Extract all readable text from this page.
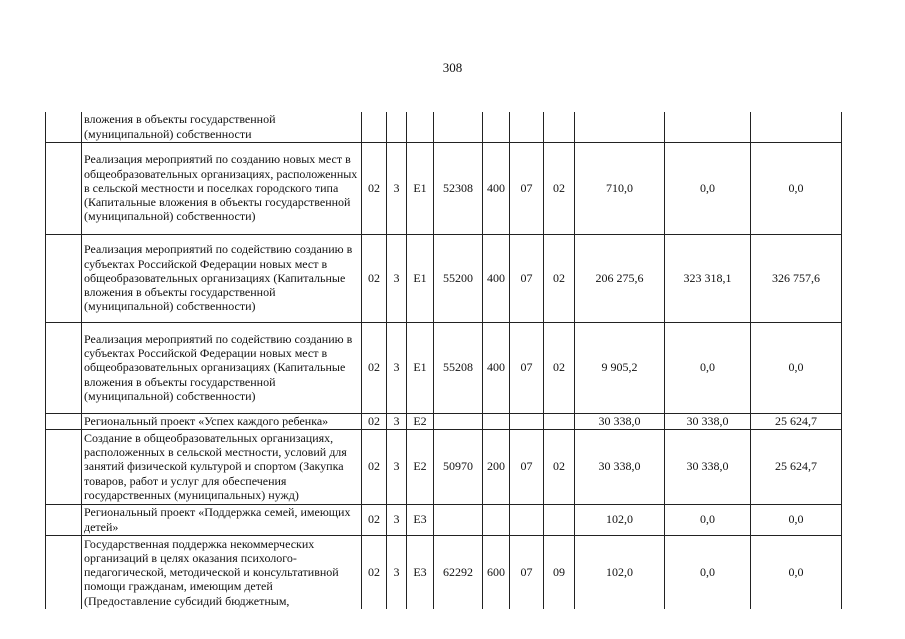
308
	вложения в объекты государственной (муниципальной) собственности										
	Реализация мероприятий по созданию новых мест в общеобразовательных организациях, расположенных в сельской местности и поселках городского типа (Капитальные вложения в объекты государственной (муниципальной) собственности)	02	3	E1	52308	400	07	02	710,0	0,0	0,0
	Реализация мероприятий по содействию созданию в субъектах Российской Федерации новых мест в общеобразовательных организациях (Капитальные вложения в объекты государственной (муниципальной) собственности)	02	3	E1	55200	400	07	02	206 275,6	323 318,1	326 757,6
	Реализация мероприятий по содействию созданию в субъектах Российской Федерации новых мест в общеобразовательных организациях (Капитальные вложения в объекты государственной (муниципальной) собственности)	02	3	E1	55208	400	07	02	9 905,2	0,0	0,0
	Региональный проект «Успех каждого ребенка»	02	3	E2					30 338,0	30 338,0	25 624,7
	Создание в общеобразовательных организациях, расположенных в сельской местности, условий для занятий физической культурой и спортом (Закупка товаров, работ и услуг для обеспечения государственных (муниципальных) нужд)	02	3	E2	50970	200	07	02	30 338,0	30 338,0	25 624,7
	Региональный проект «Поддержка семей, имеющих детей»	02	3	E3					102,0	0,0	0,0
	Государственная поддержка некоммерческих организаций в целях оказания психолого-педагогической, методической и консультативной помощи гражданам, имеющим детей (Предоставление субсидий бюджетным,	02	3	E3	62292	600	07	09	102,0	0,0	0,0
